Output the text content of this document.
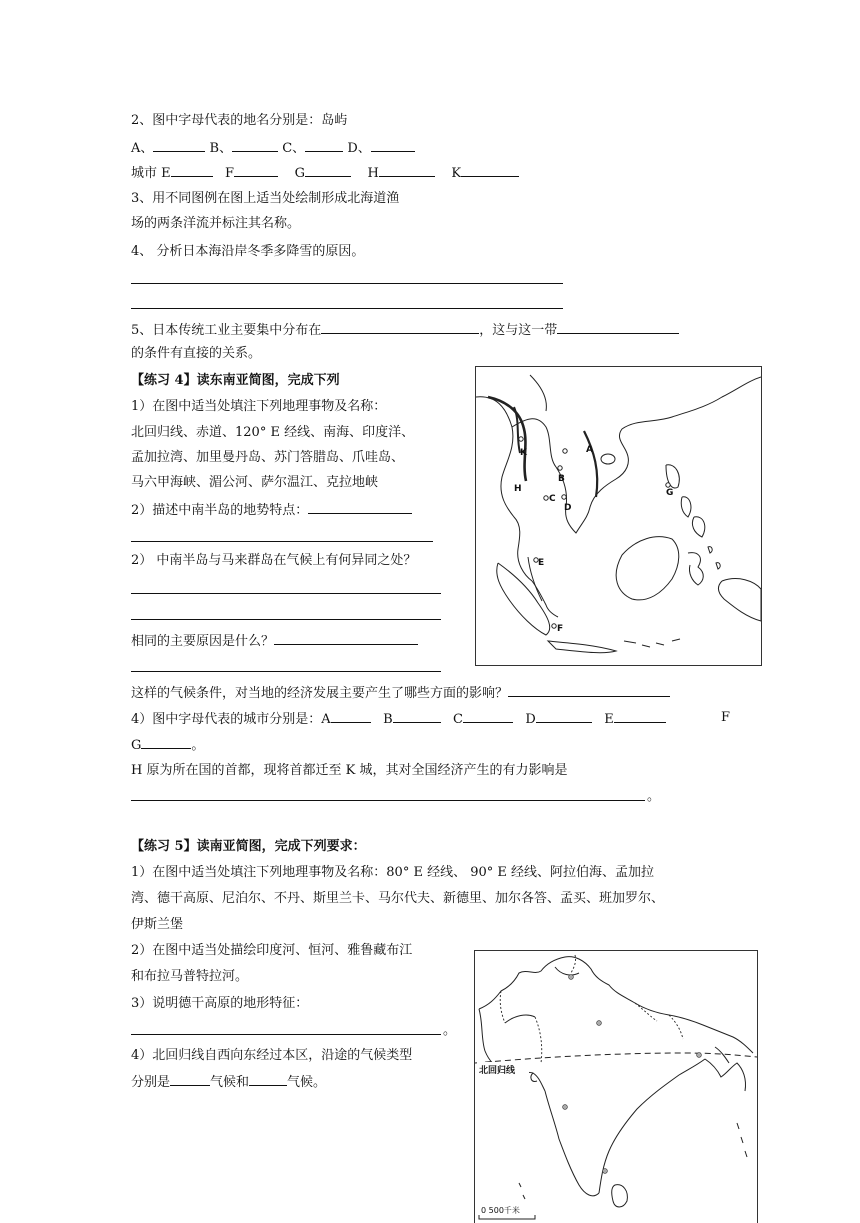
2、图中字母代表的地名分别是：岛屿
A、	B、	C、	D、
城市 E	F	G	H	K
3、用不同图例在图上适当处绘制形成北海道渔
场的两条洋流并标注其名称。
4、 分析日本海沿岸冬季多降雪的原因。
5、日本传统工业主要集中分布在	，这与这一带
的条件有直接的关系。
【练习 4】读东南亚简图，完成下列
1）在图中适当处填注下列地理事物及名称：
北回归线、赤道、120° E 经线、南海、印度洋、
孟加拉湾、加里曼丹岛、苏门答腊岛、爪哇岛、
马六甲海峡、湄公河、萨尔温江、克拉地峡
2）描述中南半岛的地势特点：
2） 中南半岛与马来群岛在气候上有何异同之处？
相同的主要原因是什么？
K	A
B
H
C
D
G
E
F
这样的气候条件，对当地的经济发展主要产生了哪些方面的影响？
4）图中字母代表的城市分别是：A	B	C	D	E	F
G	。
H 原为所在国的首都，现将首都迁至 K 城，其对全国经济产生的有力影响是
。
【练习 5】读南亚简图，完成下列要求：
1）在图中适当处填注下列地理事物及名称：80° E 经线、 90° E 经线、阿拉伯海、孟加拉
湾、德干高原、尼泊尔、不丹、斯里兰卡、马尔代夫、新德里、加尔各答、孟买、班加罗尔、
伊斯兰堡
2）在图中适当处描绘印度河、恒河、雅鲁藏布江
和布拉马普特拉河。
3）说明德干高原的地形特征：
。
4）北回归线自西向东经过本区，沿途的气候类型
分别是	气候和	气候。
北回归线
0 500千米
